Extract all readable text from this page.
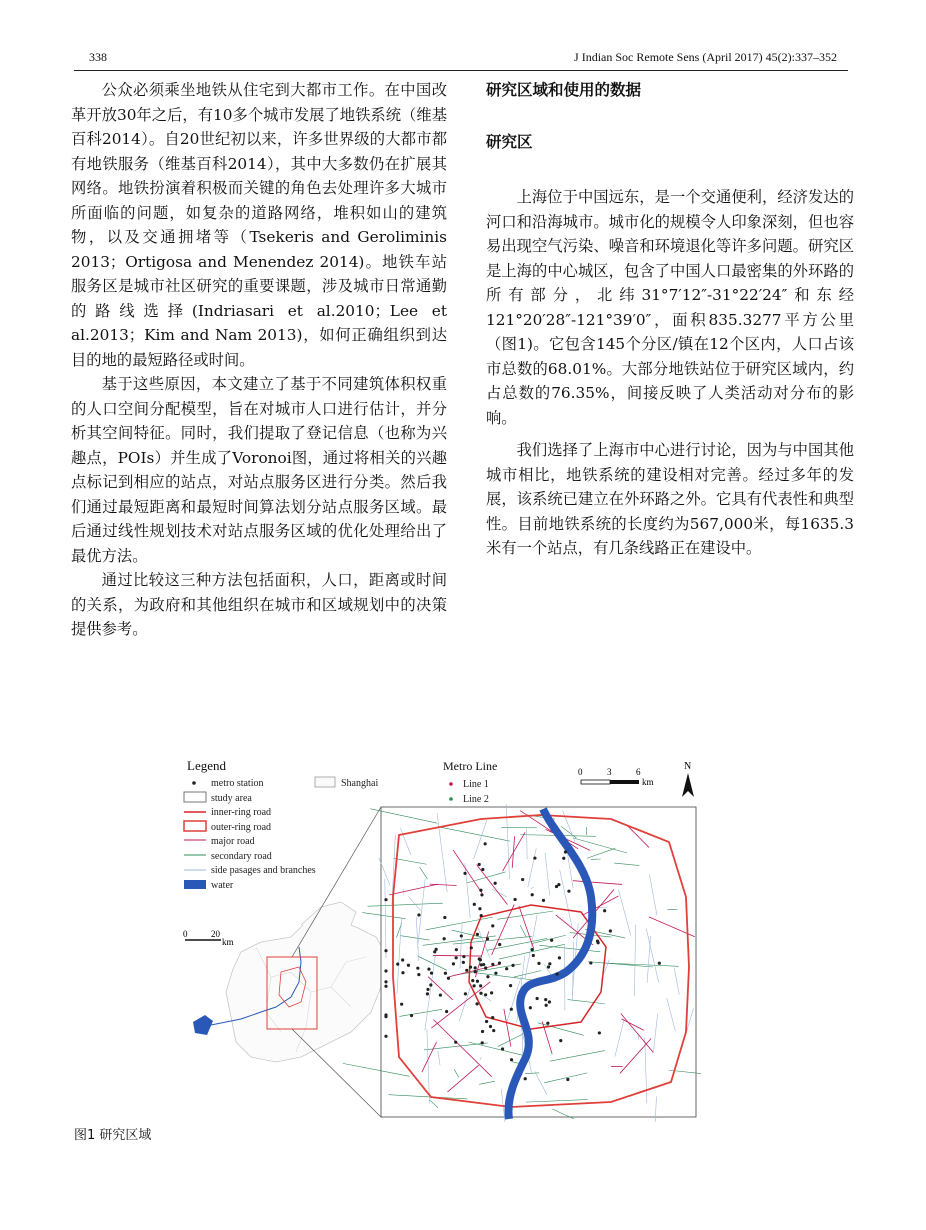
338	J Indian Soc Remote Sens (April 2017) 45(2):337–352

公众必须乘坐地铁从住宅到大都市工作。在中国改革开放30年之后，有10多个城市发展了地铁系统（维基百科2014）。自20世纪初以来，许多世界级的大都市都有地铁服务（维基百科2014），其中大多数仍在扩展其网络。地铁扮演着积极而关键的角色去处理许多大城市所面临的问题，如复杂的道路网络，堆积如山的建筑物，以及交通拥堵等（Tsekeris and Geroliminis 2013；Ortigosa and Menendez 2014)。地铁车站服务区是城市社区研究的重要课题，涉及城市日常通勤的路线选择(Indriasari et al.2010；Lee et al.2013；Kim and Nam 2013)，如何正确组织到达目的地的最短路径或时间。

基于这些原因，本文建立了基于不同建筑体积权重的人口空间分配模型，旨在对城市人口进行估计，并分析其空间特征。同时，我们提取了登记信息（也称为兴趣点，POIs）并生成了Voronoi图，通过将相关的兴趣点标记到相应的站点，对站点服务区进行分类。然后我们通过最短距离和最短时间算法划分站点服务区域。最后通过线性规划技术对站点服务区域的优化处理给出了最优方法。

通过比较这三种方法包括面积，人口，距离或时间的关系，为政府和其他组织在城市和区域规划中的决策提供参考。

研究区域和使用的数据
研究区

上海位于中国远东，是一个交通便利，经济发达的河口和沿海城市。城市化的规模令人印象深刻，但也容易出现空气污染、噪音和环境退化等许多问题。研究区是上海的中心城区，包含了中国人口最密集的外环路的所有部分，北纬31°7′12″-31°22′24″和东经121°20′28″-121°39′0″，面积835.3277平方公里（图1)。它包含145个分区/镇在12个区内，人口占该市总数的68.01%。大部分地铁站位于研究区域内，约占总数的76.35%，间接反映了人类活动对分布的影响。

我们选择了上海市中心进行讨论，因为与中国其他城市相比，地铁系统的建设相对完善。经过多年的发展，该系统已建立在外环路之外。它具有代表性和典型性。目前地铁系统的长度约为567,000米，每1635.3米有一个站点，有几条线路正在建设中。

Legend
metro station
study area
inner-ring road
outer-ring road
major road
secondary road
side pasages and branches
water
Shanghai
Metro Line
Line 1
Line 2
0	3	6
km
N
0	20
km
图1 研究区域
